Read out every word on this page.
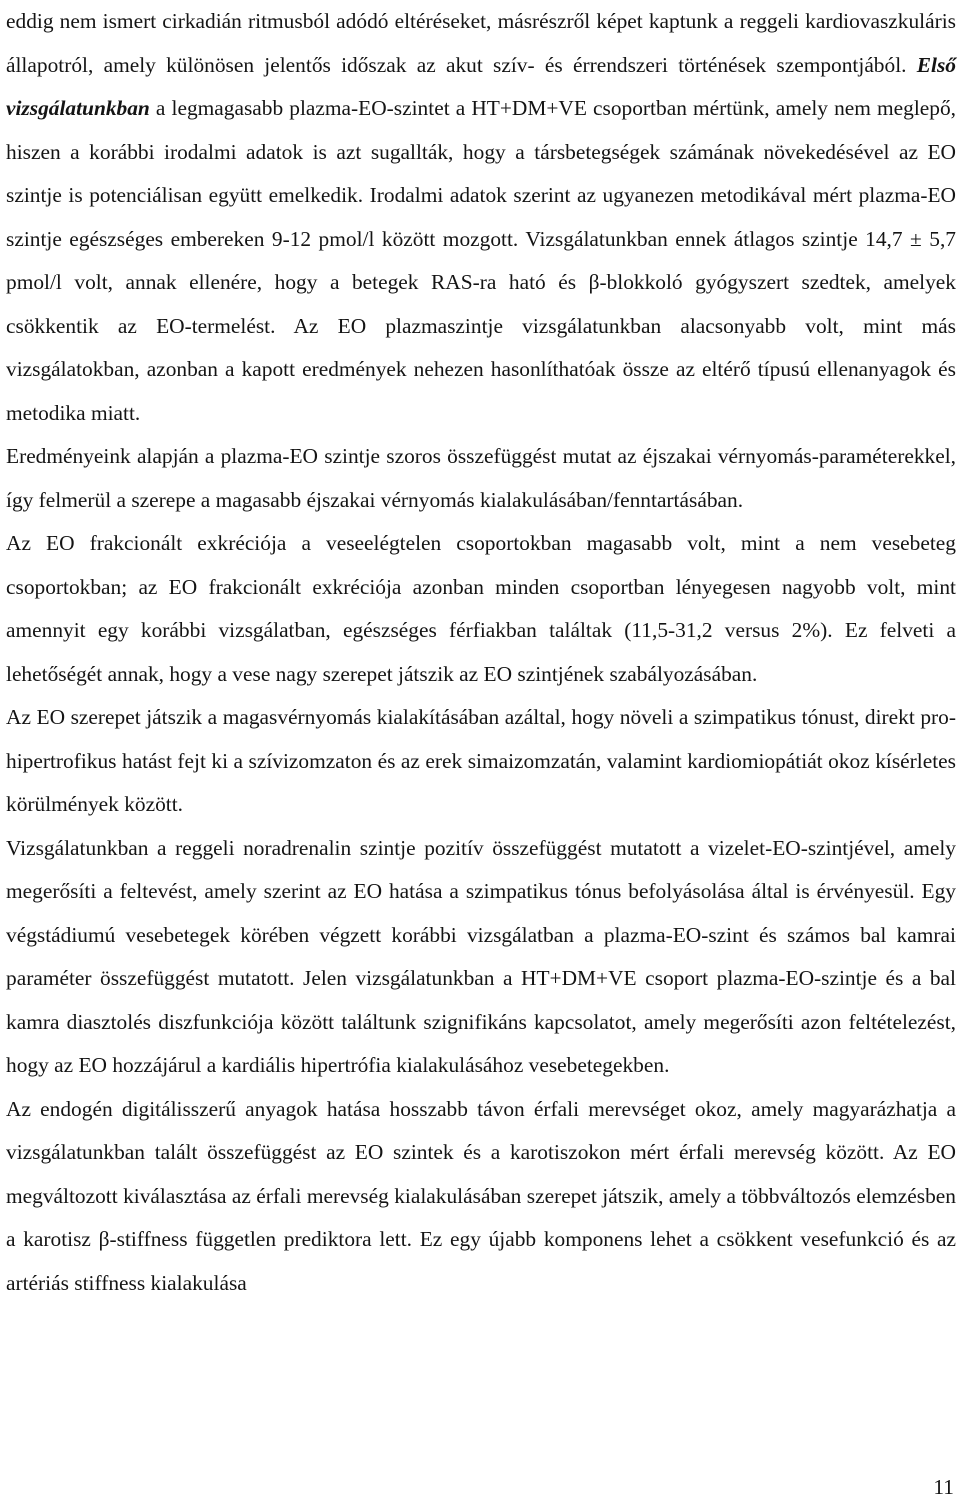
eddig nem ismert cirkadián ritmusból adódó eltéréseket, másrészről képet kaptunk a reggeli kardiovaszkuláris állapotról, amely különösen jelentős időszak az akut szív- és érrendszeri történések szempontjából. Első vizsgálatunkban a legmagasabb plazma-EO-szintet a HT+DM+VE csoportban mértünk, amely nem meglepő, hiszen a korábbi irodalmi adatok is azt sugallták, hogy a társbetegségek számának növekedésével az EO szintje is potenciálisan együtt emelkedik. Irodalmi adatok szerint az ugyanezen metodikával mért plazma-EO szintje egészséges embereken 9-12 pmol/l között mozgott. Vizsgálatunkban ennek átlagos szintje 14,7 ± 5,7 pmol/l volt, annak ellenére, hogy a betegek RAS-ra ható és β-blokkoló gyógyszert szedtek, amelyek csökkentik az EO-termelést. Az EO plazmaszintje vizsgálatunkban alacsonyabb volt, mint más vizsgálatokban, azonban a kapott eredmények nehezen hasonlíthatóak össze az eltérő típusú ellenanyagok és metodika miatt.

Eredményeink alapján a plazma-EO szintje szoros összefüggést mutat az éjszakai vérnyomás-paraméterekkel, így felmerül a szerepe a magasabb éjszakai vérnyomás kialakulásában/fenntartásában.

Az EO frakcionált exkréciója a veseelégtelen csoportokban magasabb volt, mint a nem vesebeteg csoportokban; az EO frakcionált exkréciója azonban minden csoportban lényegesen nagyobb volt, mint amennyit egy korábbi vizsgálatban, egészséges férfiakban találtak (11,5-31,2 versus 2%). Ez felveti a lehetőségét annak, hogy a vese nagy szerepet játszik az EO szintjének szabályozásában.

Az EO szerepet játszik a magasvérnyomás kialakításában azáltal, hogy növeli a szimpatikus tónust, direkt pro-hipertrofikus hatást fejt ki a szívizomzaton és az erek simaizomzatán, valamint kardiomiopátiát okoz kísérletes körülmények között.

Vizsgálatunkban a reggeli noradrenalin szintje pozitív összefüggést mutatott a vizelet-EO-szintjével, amely megerősíti a feltevést, amely szerint az EO hatása a szimpatikus tónus befolyásolása által is érvényesül. Egy végstádiumú vesebetegek körében végzett korábbi vizsgálatban a plazma-EO-szint és számos bal kamrai paraméter összefüggést mutatott. Jelen vizsgálatunkban a HT+DM+VE csoport plazma-EO-szintje és a bal kamra diasztolés diszfunkciója között találtunk szignifikáns kapcsolatot, amely megerősíti azon feltételezést, hogy az EO hozzájárul a kardiális hipertrófia kialakulásához vesebetegekben.

Az endogén digitálisszerű anyagok hatása hosszabb távon érfali merevséget okoz, amely magyarázhatja a vizsgálatunkban talált összefüggést az EO szintek és a karotiszokon mért érfali merevség között. Az EO megváltozott kiválasztása az érfali merevség kialakulásában szerepet játszik, amely a többváltozós elemzésben a karotisz β-stiffness független prediktora lett. Ez egy újabb komponens lehet a csökkent vesefunkció és az artériás stiffness kialakulása

11
